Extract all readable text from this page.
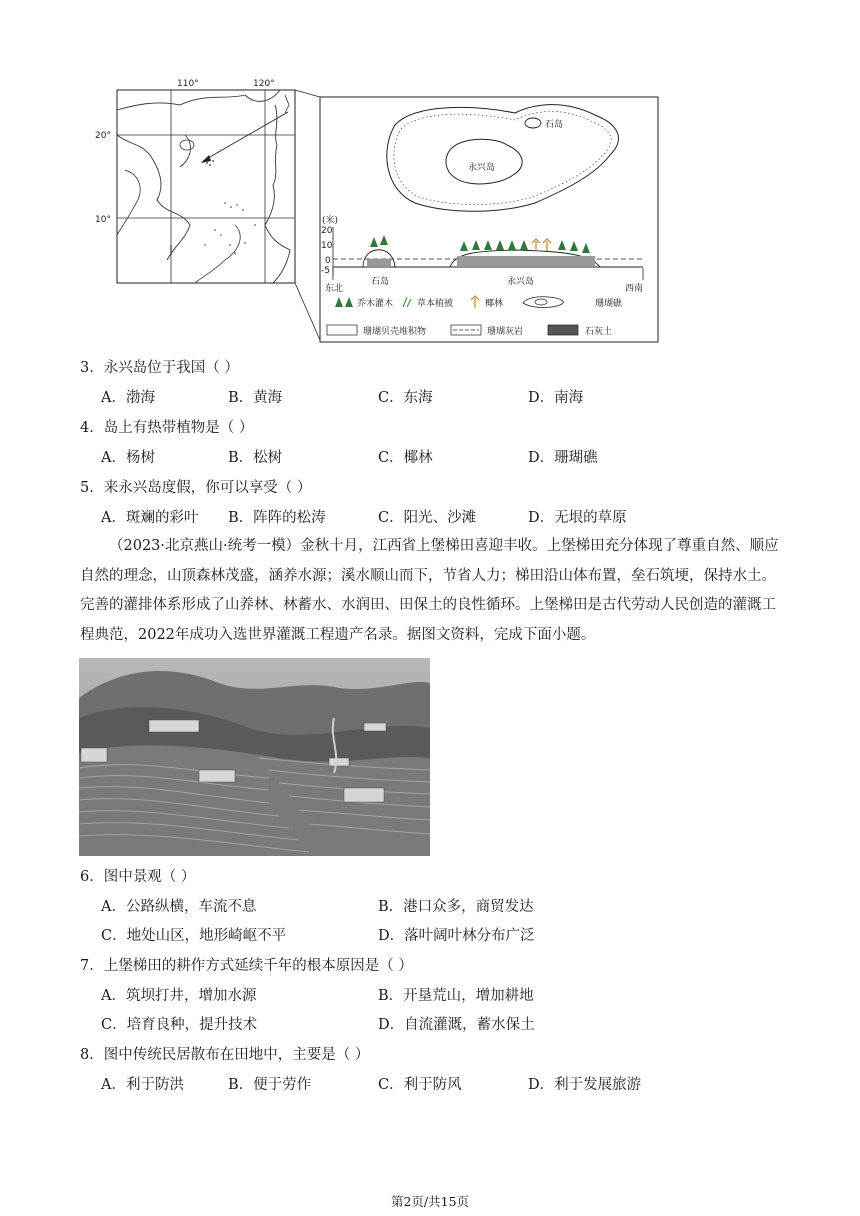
110°	120°
20°
10°
石岛
永兴岛
(米)
20
10
0
-5
东北	西南
石岛	永兴岛
乔木灌木	草本植被	椰林	珊瑚礁
珊瑚贝壳堆积物	珊瑚灰岩	石灰土
3．永兴岛位于我国（ ）
A．渤海	B．黄海	C．东海	D．南海
4．岛上有热带植物是（ ）
A．杨树	B．松树	C．椰林	D．珊瑚礁
5．来永兴岛度假，你可以享受（ ）
A．斑斓的彩叶 B．阵阵的松涛	C．阳光、沙滩	D．无垠的草原
（2023·北京燕山·统考一模）金秋十月，江西省上堡梯田喜迎丰收。上堡梯田充分体现了尊重自然、顺应自然的理念，山顶森林茂盛，涵养水源；溪水顺山而下，节省人力；梯田沿山体布置，垒石筑埂，保持水土。完善的灌排体系形成了山养林、林蓄水、水润田、田保土的良性循环。上堡梯田是古代劳动人民创造的灌溉工程典范，2022年成功入选世界灌溉工程遗产名录。据图文资料，完成下面小题。
6．图中景观（ ）
A．公路纵横，车流不息	B．港口众多，商贸发达
C．地处山区，地形崎岖不平	D．落叶阔叶林分布广泛
7．上堡梯田的耕作方式延续千年的根本原因是（ ）
A．筑坝打井，增加水源	B．开垦荒山，增加耕地
C．培育良种，提升技术	D．自流灌溉，蓄水保土
8．图中传统民居散布在田地中，主要是（ ）
A．利于防洪	B．便于劳作	C．利于防风	D．利于发展旅游
第2页/共15页
